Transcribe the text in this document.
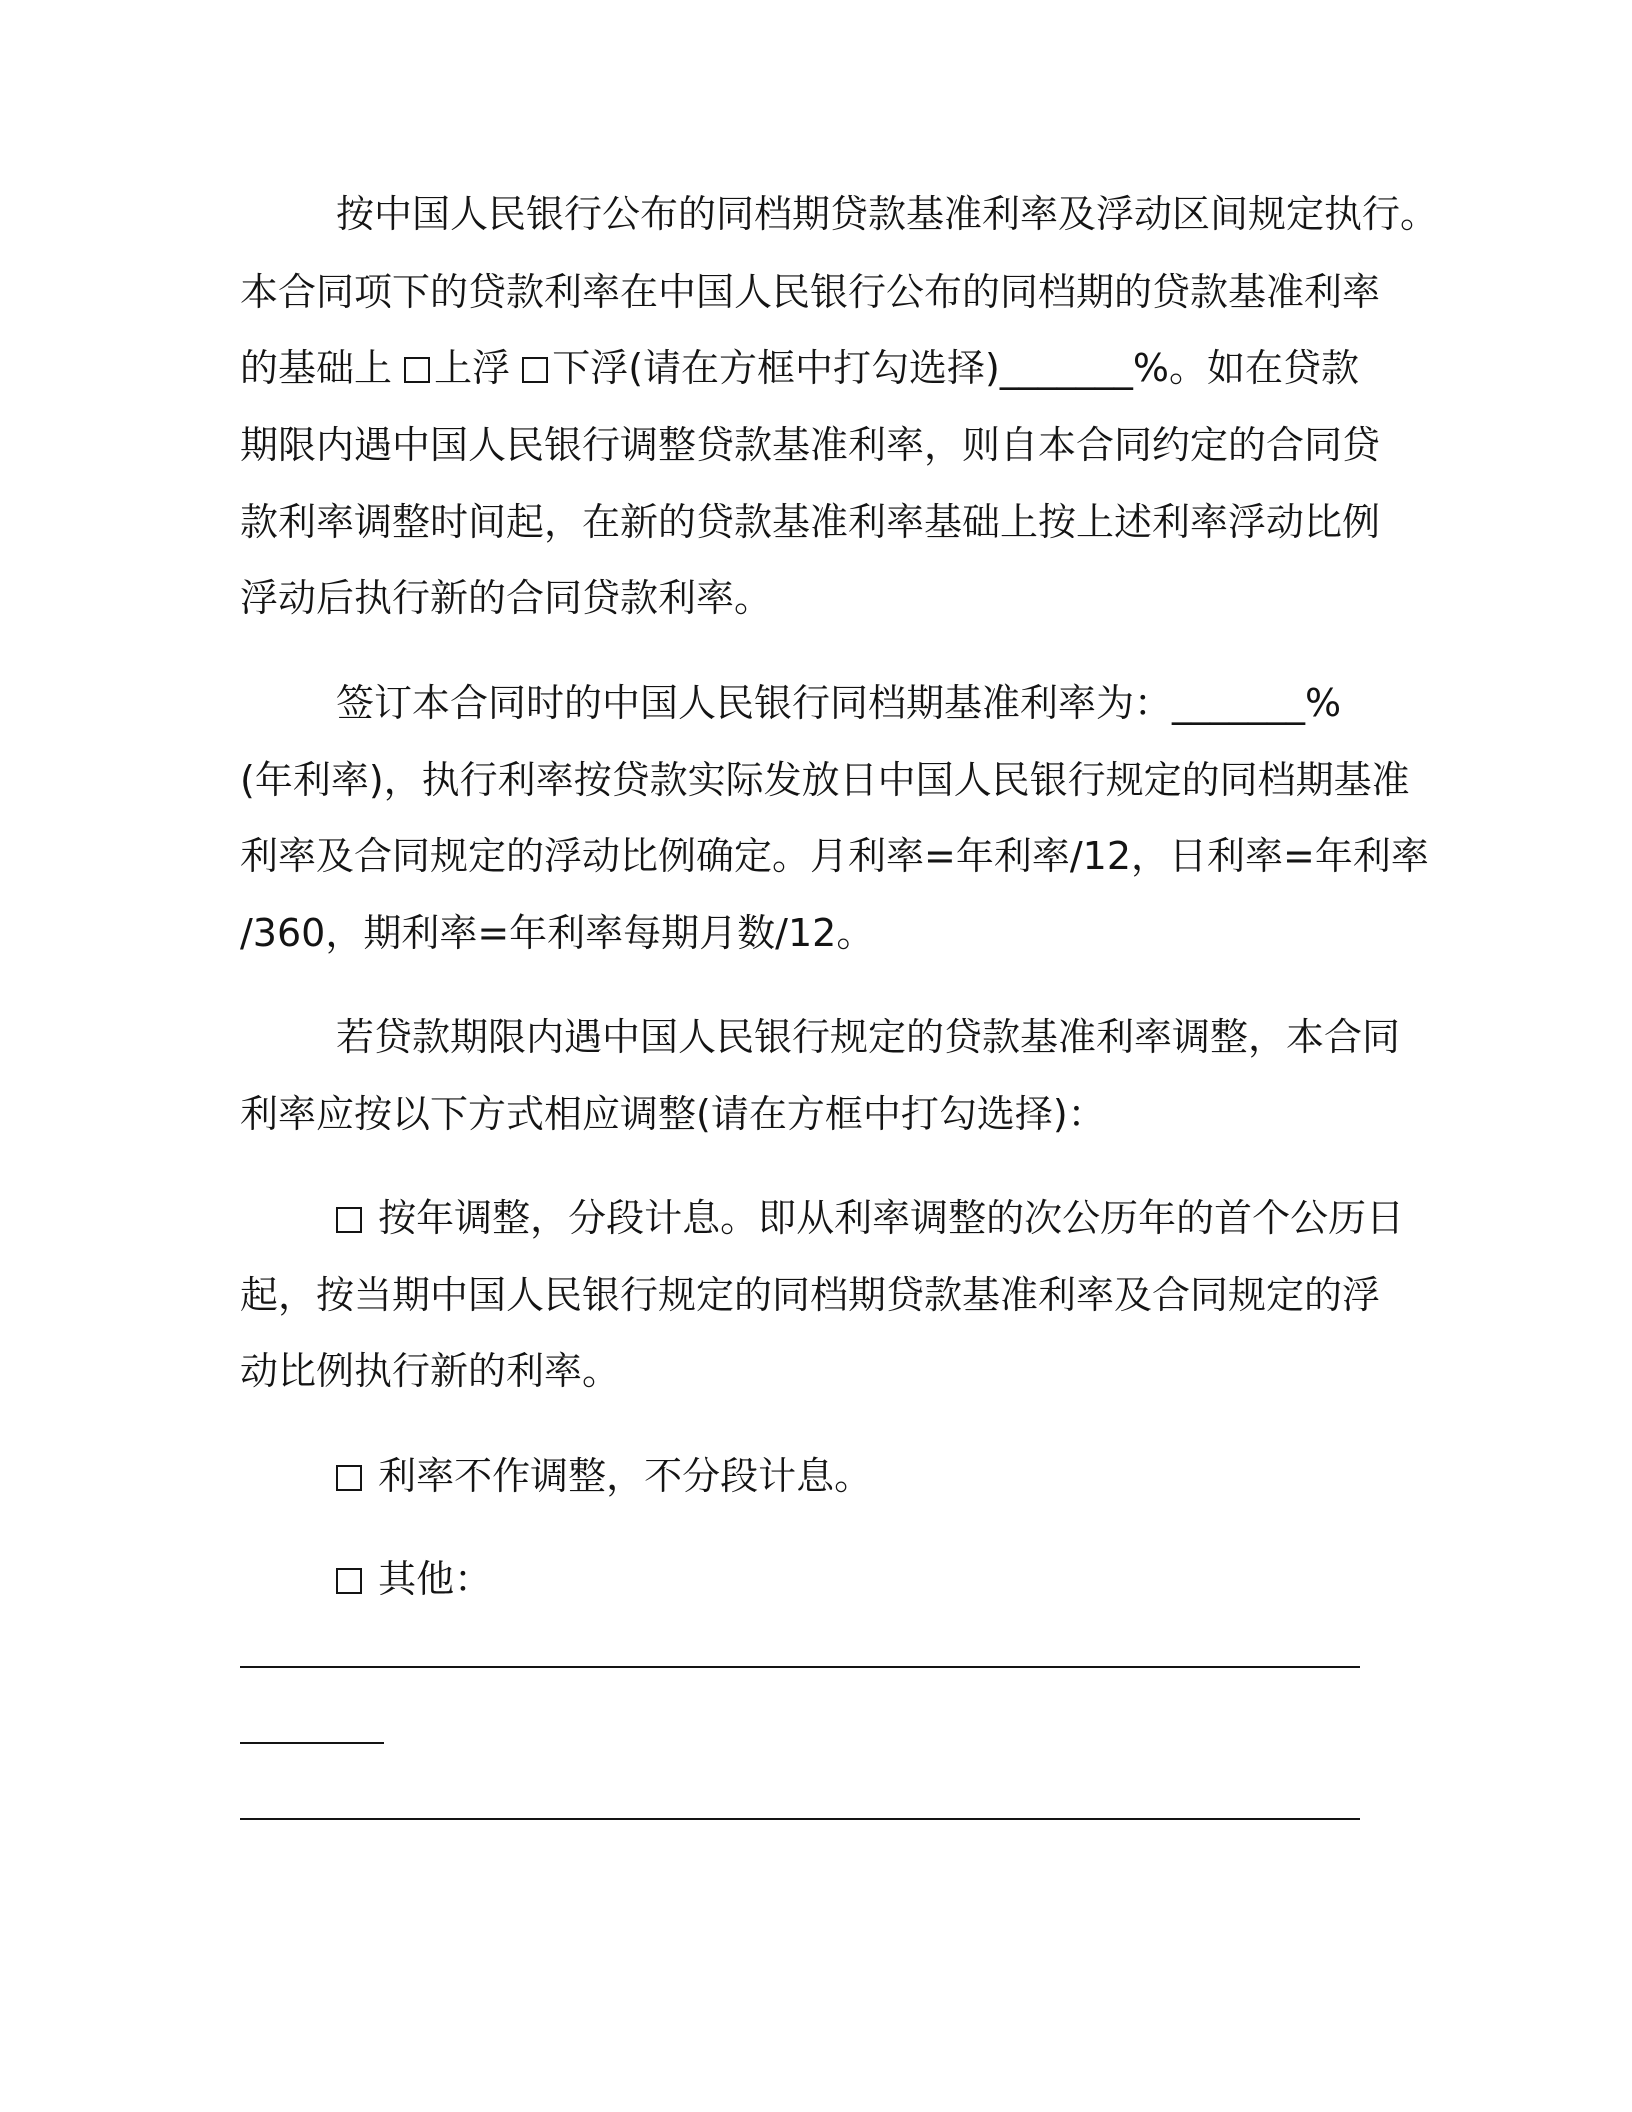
按中国人民银行公布的同档期贷款基准利率及浮动区间规定执行。
本合同项下的贷款利率在中国人民银行公布的同档期的贷款基准利率
的基础上 上浮 下浮(请在方框中打勾选择)_______%。如在贷款
期限内遇中国人民银行调整贷款基准利率，则自本合同约定的合同贷
款利率调整时间起，在新的贷款基准利率基础上按上述利率浮动比例
浮动后执行新的合同贷款利率。
签订本合同时的中国人民银行同档期基准利率为：_______%
(年利率)，执行利率按贷款实际发放日中国人民银行规定的同档期基准
利率及合同规定的浮动比例确定。月利率=年利率/12，日利率=年利率
/360，期利率=年利率每期月数/12。
若贷款期限内遇中国人民银行规定的贷款基准利率调整，本合同
利率应按以下方式相应调整(请在方框中打勾选择)：
按年调整，分段计息。即从利率调整的次公历年的首个公历日
起，按当期中国人民银行规定的同档期贷款基准利率及合同规定的浮
动比例执行新的利率。
利率不作调整，不分段计息。
其他：
